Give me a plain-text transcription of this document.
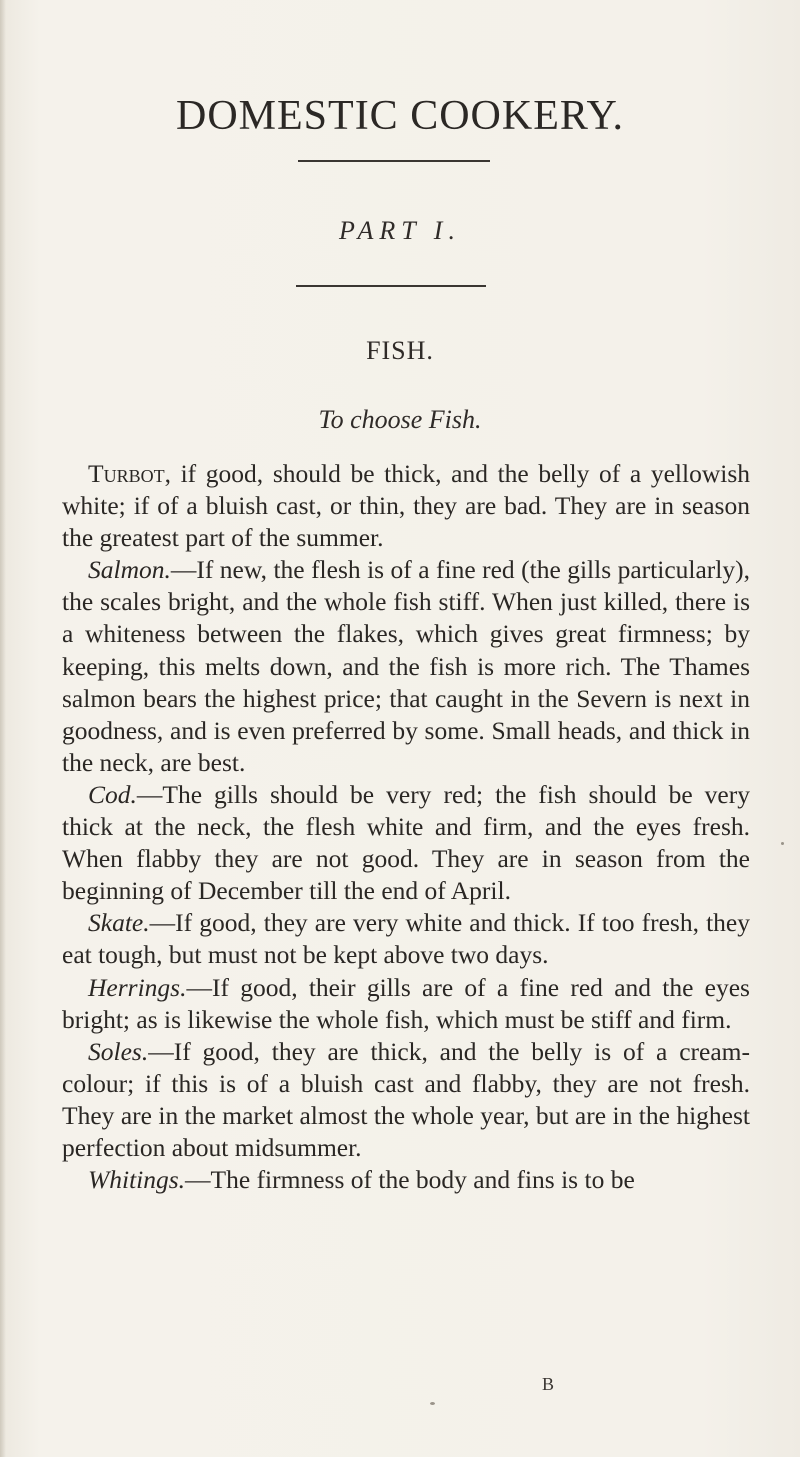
DOMESTIC COOKERY.
PART I.
FISH.
To choose Fish.

Turbot, if good, should be thick, and the belly of a yellowish white; if of a bluish cast, or thin, they are bad. They are in season the greatest part of the summer.

Salmon.—If new, the flesh is of a fine red (the gills particularly), the scales bright, and the whole fish stiff. When just killed, there is a whiteness between the flakes, which gives great firmness; by keeping, this melts down, and the fish is more rich. The Thames salmon bears the highest price; that caught in the Severn is next in goodness, and is even preferred by some. Small heads, and thick in the neck, are best.

Cod.—The gills should be very red; the fish should be very thick at the neck, the flesh white and firm, and the eyes fresh. When flabby they are not good. They are in season from the beginning of December till the end of April.

Skate.—If good, they are very white and thick. If too fresh, they eat tough, but must not be kept above two days.

Herrings.—If good, their gills are of a fine red and the eyes bright; as is likewise the whole fish, which must be stiff and firm.

Soles.—If good, they are thick, and the belly is of a cream-colour; if this is of a bluish cast and flabby, they are not fresh. They are in the market almost the whole year, but are in the highest perfection about midsummer.

Whitings.—The firmness of the body and fins is to be

B
